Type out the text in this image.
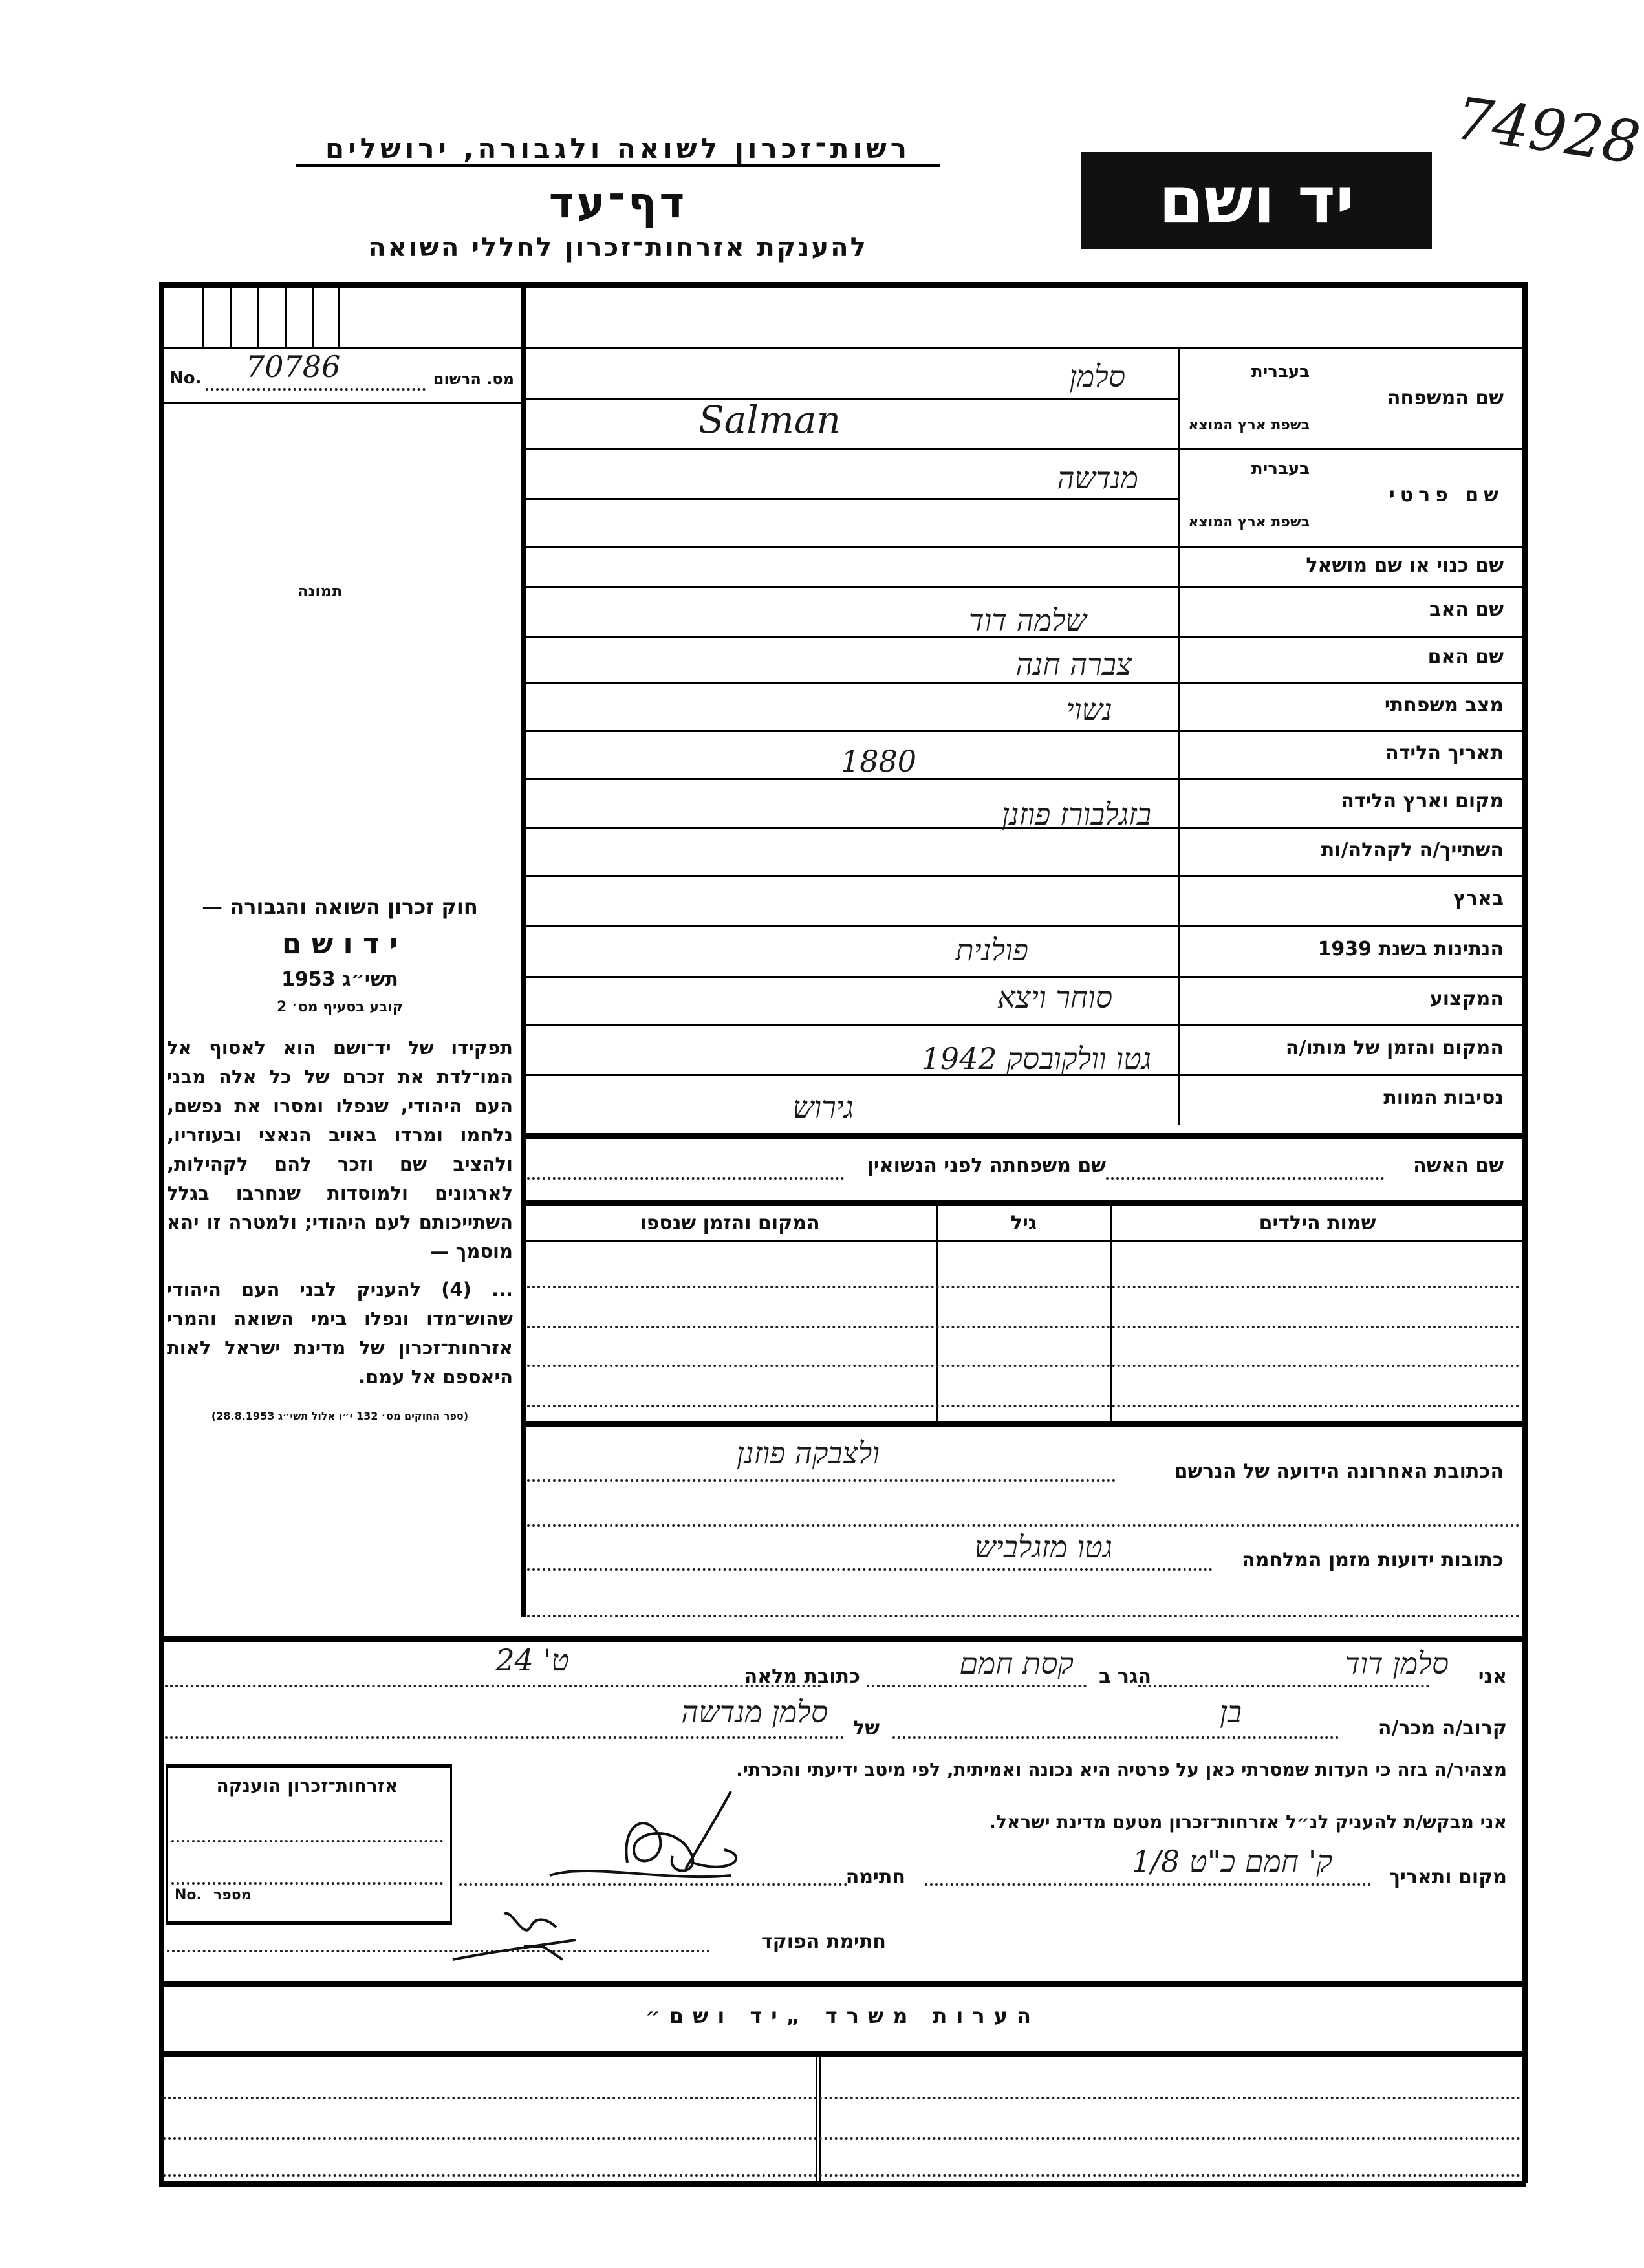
רשות־זכרון לשואה ולגבורה, ירושלים
דף־עד
להענקת אזרחות־זכרון לחללי השואה
יד ושם
74928
No. 70786	מס. הרשום
תמונה
חוק זכרון השואה והגבורה —
י ד ו ש ם
תשי״ג 1953
קובע בסעיף מס׳ 2
תפקידו של יד־ושם הוא לאסוף אל המו־לדת את זכרם של כל אלה מבני העם היהודי, שנפלו ומסרו את נפשם, נלחמו ומרדו באויב הנאצי ובעוזריו, ולהציב שם וזכר להם לקהילות, לארגונים ולמוסדות שנחרבו בגלל השתייכותם לעם היהודי; ולמטרה זו יהא מוסמך —
... (4) להעניק לבני העם היהודי שהוש־מדו ונפלו בימי השואה והמרי אזרחות־זכרון של מדינת ישראל לאות היאספם אל עמם.
(ספר החוקים מס׳ 132 י״ו אלול תשי״ג 28.8.1953)
שם המשפחה
בעברית
בשפת ארץ המוצא
שם פרטי
בעברית
בשפת ארץ המוצא
שם כנוי או שם מושאל
שם האב
שם האם
מצב משפחתי
תאריך הלידה
מקום וארץ הלידה
השתייך/ה לקהלה/ות
בארץ
הנתינות בשנת 1939
המקצוע
המקום והזמן של מותו/ה
נסיבות המוות
סלמן
Salman
מנדשה
שלמה דוד
צברה חנה
נשוי
1880
בזגלבורז פוזנן
פולנית
סוחר ויצא
גטו וולקובסק 1942
גירוש
שם האשה
שם משפחתה לפני הנשואין
שמות הילדים
גיל
המקום והזמן שנספו
הכתובת האחרונה הידועה של הנרשם
ולצבקה פוזנן
כתובות ידועות מזמן המלחמה
גטו מזגלביש
אני
סלמן דוד
הגר ב
קסת חמם
כתובת מלאה
ט' 24
קרוב/ה מכר/ה
בן
של
סלמן מנדשה
מצהיר/ה בזה כי העדות שמסרתי כאן על פרטיה היא נכונה ואמיתית, לפי מיטב ידיעתי והכרתי.
אני מבקש/ת להעניק לנ״ל אזרחות־זכרון מטעם מדינת ישראל.
מקום ותאריך
ק' חמם כ"ט 1/8
חתימה
חתימת הפוקד
אזרחות־זכרון הוענקה
No. מספר
הערות משרד „יד ושם״
